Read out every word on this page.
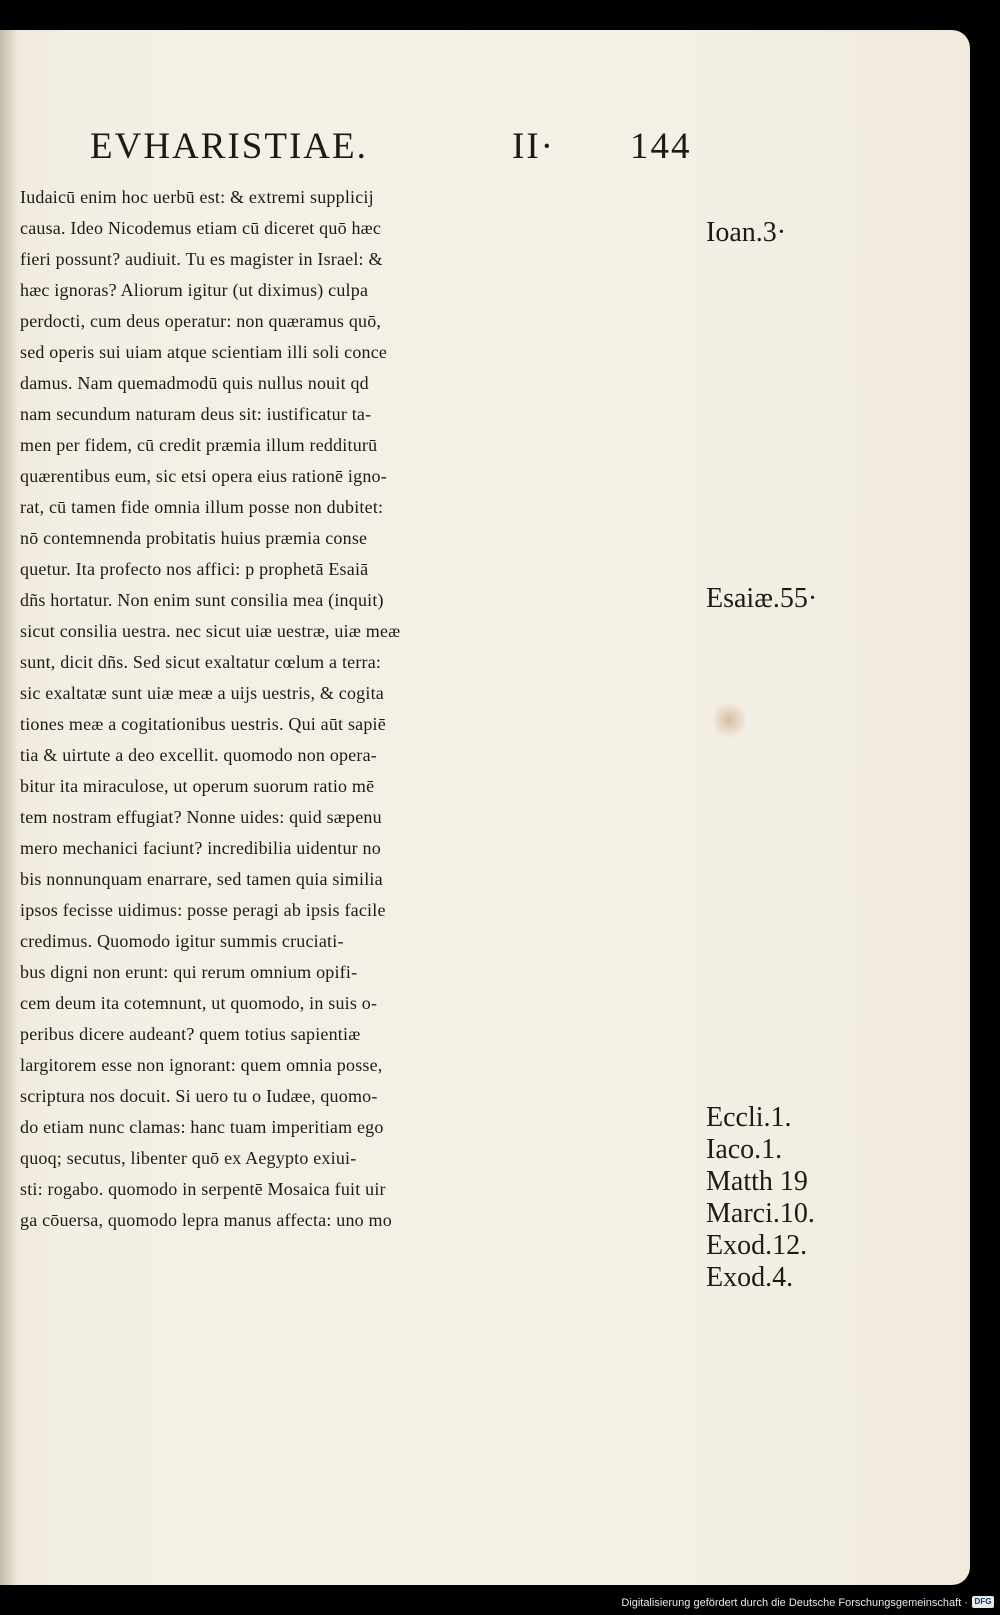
EVHARISTIAE.	II· 144
Iudaicū enim hoc uerbū est: & extremi supplicij
causa. Ideo Nicodemus etiam cū diceret quō hæc
fieri possunt? audiuit. Tu es magister in Israel: &
hæc ignoras? Aliorum igitur (ut diximus) culpa
perdocti, cum deus operatur: non quæramus quō,
sed operis sui uiam atque scientiam illi soli conce
damus. Nam quemadmodū quis nullus nouit qd
nam secundum naturam deus sit: iustificatur ta-
men per fidem, cū credit præmia illum redditurū
quærentibus eum, sic etsi opera eius rationē igno-
rat, cū tamen fide omnia illum posse non dubitet:
nō contemnenda probitatis huius præmia conse
quetur. Ita profecto nos affici: p prophetā Esaiā
dñs hortatur. Non enim sunt consilia mea (inquit)
sicut consilia uestra. nec sicut uiæ uestræ, uiæ meæ
sunt, dicit dñs. Sed sicut exaltatur cœlum a terra:
sic exaltatæ sunt uiæ meæ a uijs uestris, & cogita
tiones meæ a cogitationibus uestris. Qui aūt sapiē
tia & uirtute a deo excellit. quomodo non opera-
bitur ita miraculose, ut operum suorum ratio mē
tem nostram effugiat? Nonne uides: quid sæpenu
mero mechanici faciunt? incredibilia uidentur no
bis nonnunquam enarrare, sed tamen quia similia
ipsos fecisse uidimus: posse peragi ab ipsis facile
credimus. Quomodo igitur summis cruciati-
bus digni non erunt: qui rerum omnium opifi-
cem deum ita cotemnunt, ut quomodo, in suis o-
peribus dicere audeant? quem totius sapientiæ
largitorem esse non ignorant: quem omnia posse,
scriptura nos docuit. Si uero tu o Iudæe, quomo-
do etiam nunc clamas: hanc tuam imperitiam ego
quoq; secutus, libenter quō ex Aegypto exiui-
sti: rogabo. quomodo in serpentē Mosaica fuit uir
ga cōuersa, quomodo lepra manus affecta: uno mo
Ioan.3·
Esaiæ.55·
Eccli.1.
Iaco.1.
Matth 19
Marci.10.
Exod.12.
Exod.4.
Digitalisierung gefördert durch die Deutsche Forschungsgemeinschaft · DFG
